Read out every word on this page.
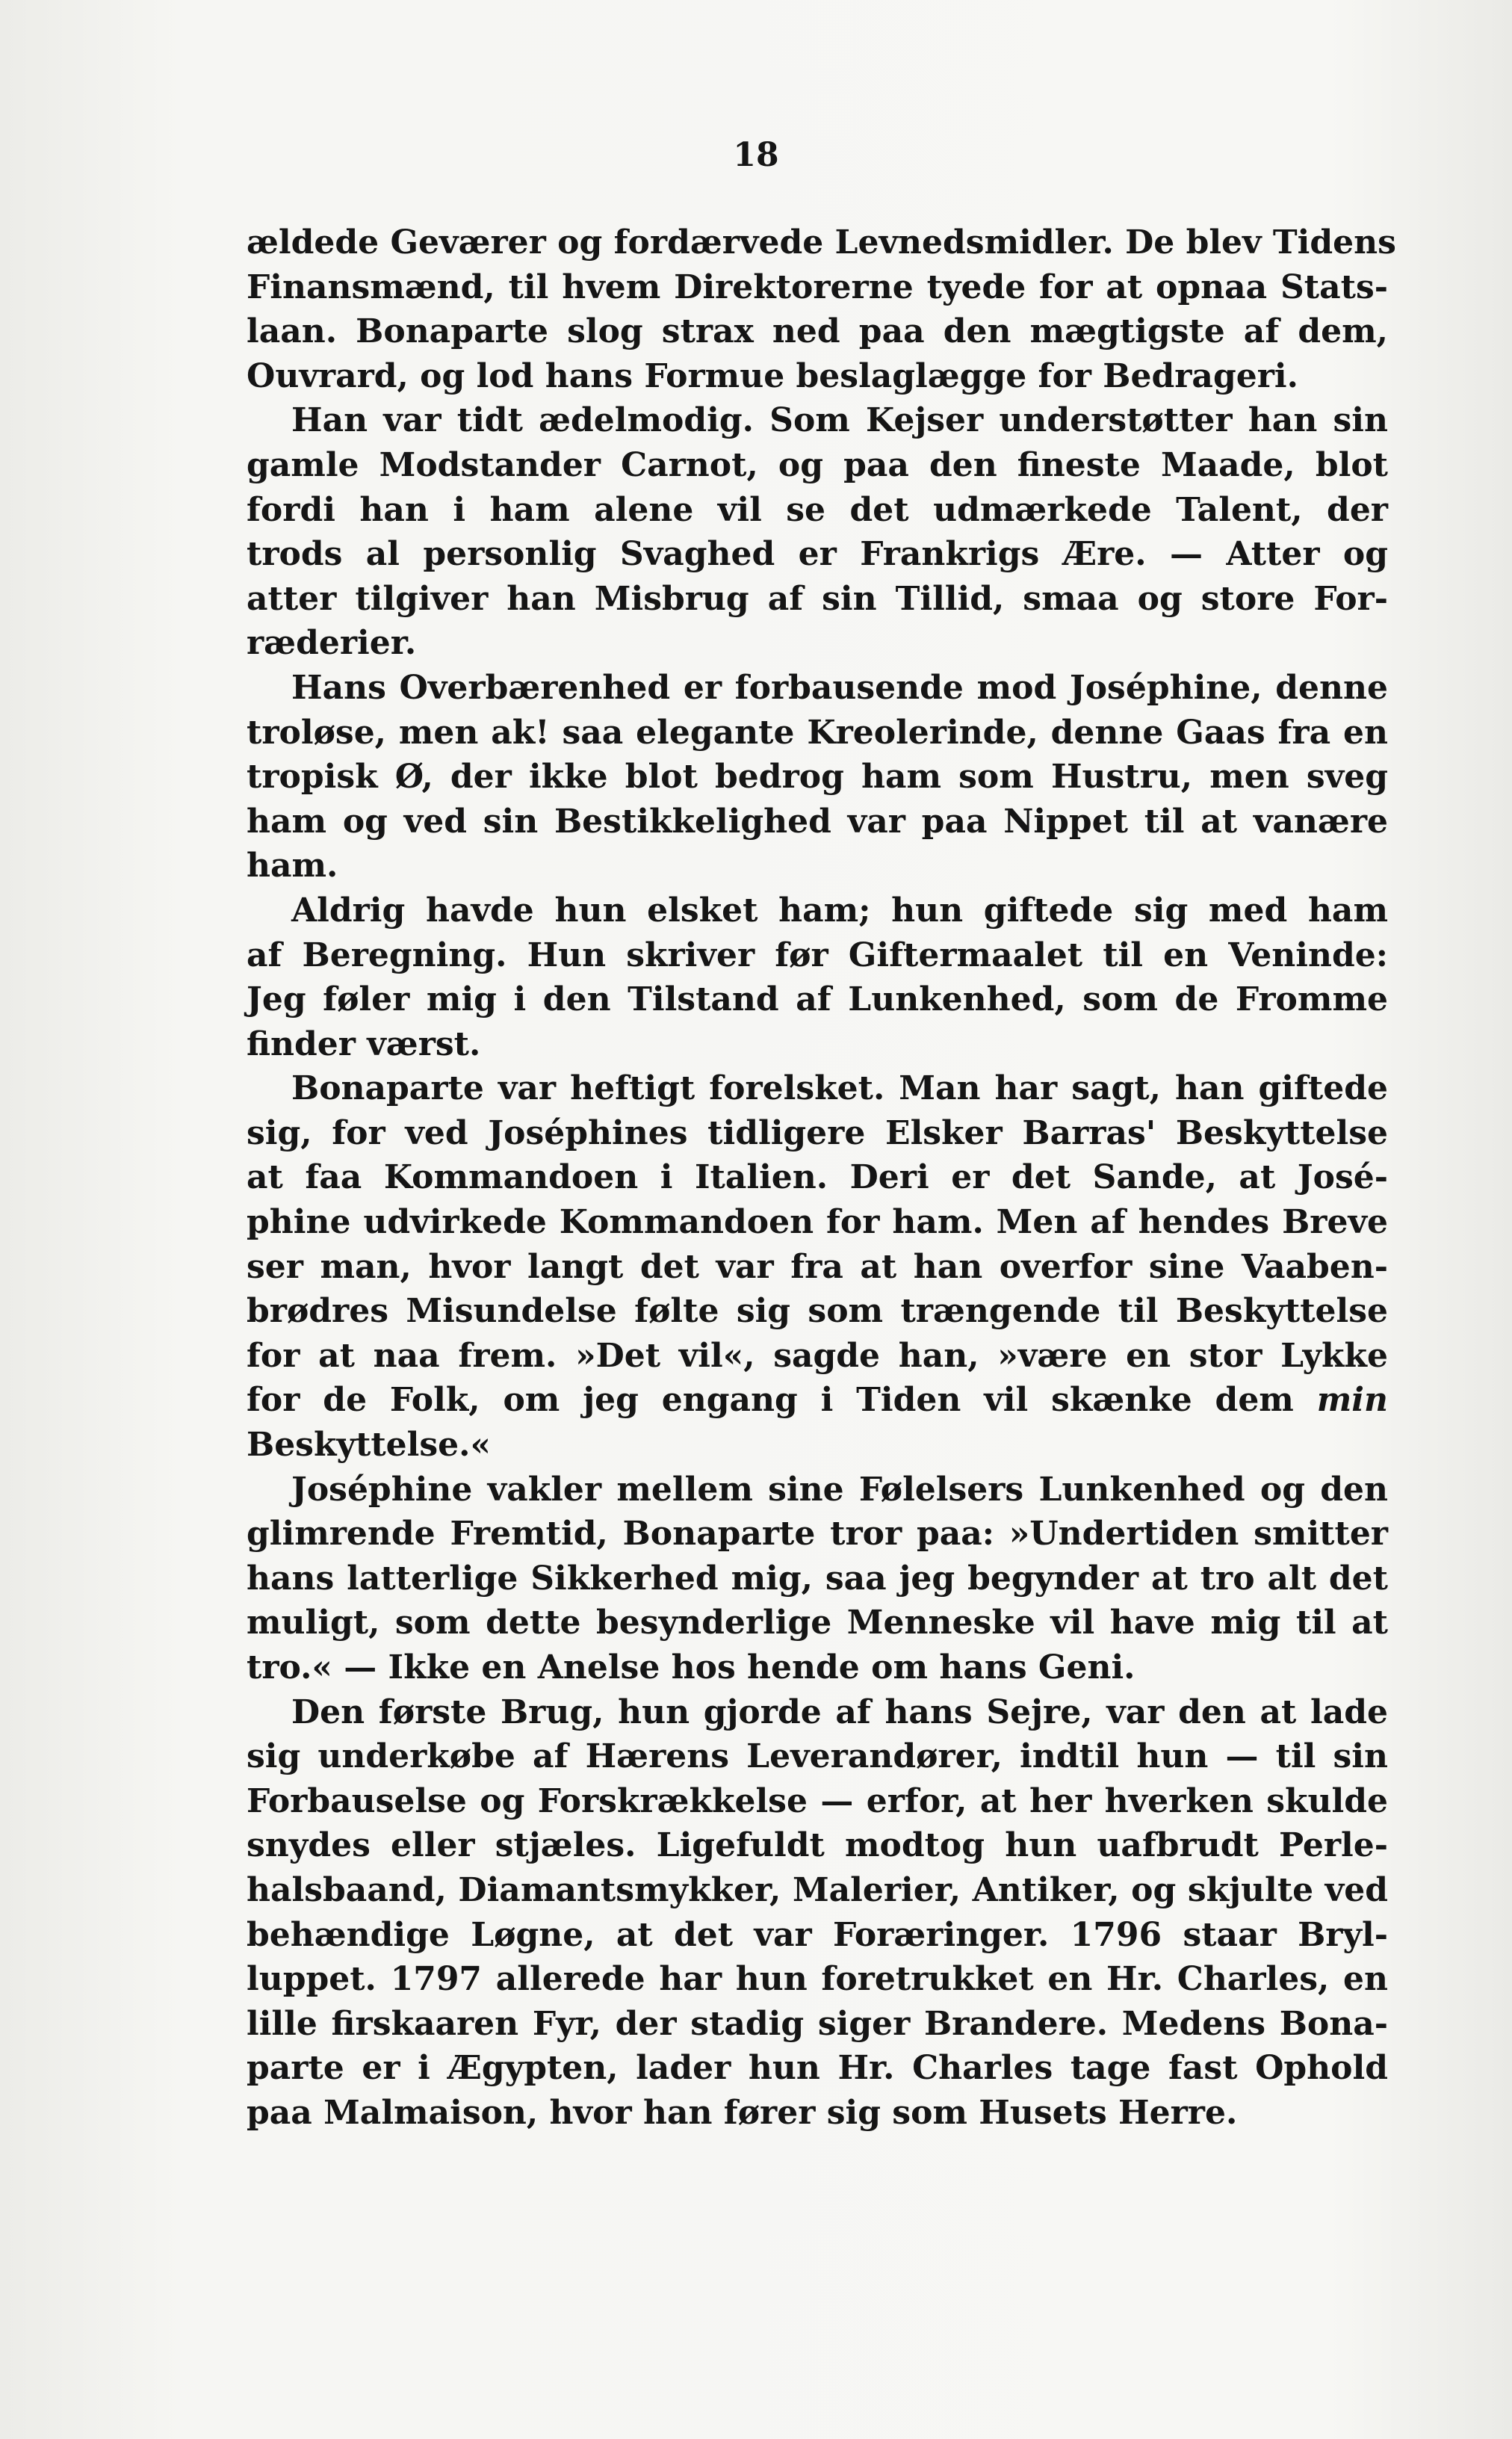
18
ældede Geværer og fordærvede Levnedsmidler. De blev Tidens
Finansmænd, til hvem Direktorerne tyede for at opnaa Stats-
laan. Bonaparte slog strax ned paa den mægtigste af dem,
Ouvrard, og lod hans Formue beslaglægge for Bedrageri.
Han var tidt ædelmodig. Som Kejser understøtter han sin
gamle Modstander Carnot, og paa den fineste Maade, blot
fordi han i ham alene vil se det udmærkede Talent, der
trods al personlig Svaghed er Frankrigs Ære. — Atter og
atter tilgiver han Misbrug af sin Tillid, smaa og store For-
ræderier.
Hans Overbærenhed er forbausende mod Joséphine, denne
troløse, men ak! saa elegante Kreolerinde, denne Gaas fra en
tropisk Ø, der ikke blot bedrog ham som Hustru, men sveg
ham og ved sin Bestikkelighed var paa Nippet til at vanære
ham.
Aldrig havde hun elsket ham; hun giftede sig med ham
af Beregning. Hun skriver før Giftermaalet til en Veninde:
Jeg føler mig i den Tilstand af Lunkenhed, som de Fromme
finder værst.
Bonaparte var heftigt forelsket. Man har sagt, han giftede
sig, for ved Joséphines tidligere Elsker Barras' Beskyttelse
at faa Kommandoen i Italien. Deri er det Sande, at José-
phine udvirkede Kommandoen for ham. Men af hendes Breve
ser man, hvor langt det var fra at han overfor sine Vaaben-
brødres Misundelse følte sig som trængende til Beskyttelse
for at naa frem. »Det vil«, sagde han, »være en stor Lykke
for de Folk, om jeg engang i Tiden vil skænke dem min
Beskyttelse.«
Joséphine vakler mellem sine Følelsers Lunkenhed og den
glimrende Fremtid, Bonaparte tror paa: »Undertiden smitter
hans latterlige Sikkerhed mig, saa jeg begynder at tro alt det
muligt, som dette besynderlige Menneske vil have mig til at
tro.« — Ikke en Anelse hos hende om hans Geni.
Den første Brug, hun gjorde af hans Sejre, var den at lade
sig underkøbe af Hærens Leverandører, indtil hun — til sin
Forbauselse og Forskrækkelse — erfor, at her hverken skulde
snydes eller stjæles. Ligefuldt modtog hun uafbrudt Perle-
halsbaand, Diamantsmykker, Malerier, Antiker, og skjulte ved
behændige Løgne, at det var Foræringer. 1796 staar Bryl-
luppet. 1797 allerede har hun foretrukket en Hr. Charles, en
lille firskaaren Fyr, der stadig siger Brandere. Medens Bona-
parte er i Ægypten, lader hun Hr. Charles tage fast Ophold
paa Malmaison, hvor han fører sig som Husets Herre.
